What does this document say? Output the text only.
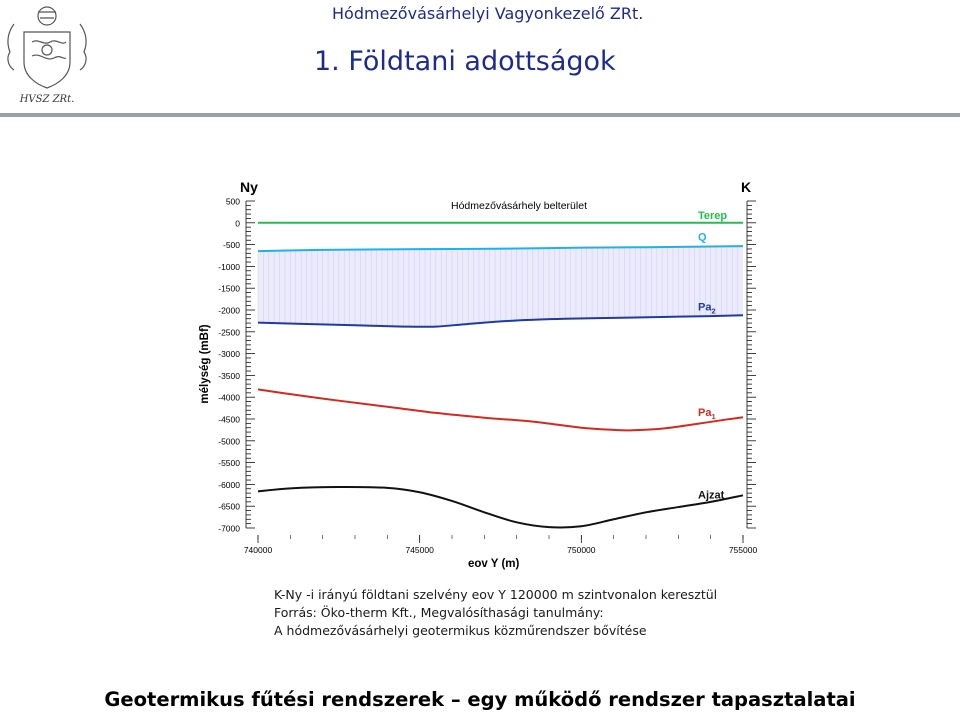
Hódmezővásárhelyi Vagyonkezelő ZRt.
1. Földtani adottságok
HVSZ ZRt.
500
0
-500
-1000
-1500
-2000
-2500
-3000
-3500
-4000
-4500
-5000
-5500
-6000
-6500
-7000
740000	745000	750000	755000
Terep
Q
$Pa_2$
$Pa_1$
Ajzat
Ny	K
Hódmezővásárhely belterület
eov Y (m)
mélység (mBf)
K-Ny -i irányú földtani szelvény eov Y 120000 m szintvonalon keresztül
Forrás: Öko-therm Kft., Megvalósíthasági tanulmány:
A hódmezővásárhelyi geotermikus közműrendszer bővítése
Geotermikus fűtési rendszerek – egy működő rendszer tapasztalatai
